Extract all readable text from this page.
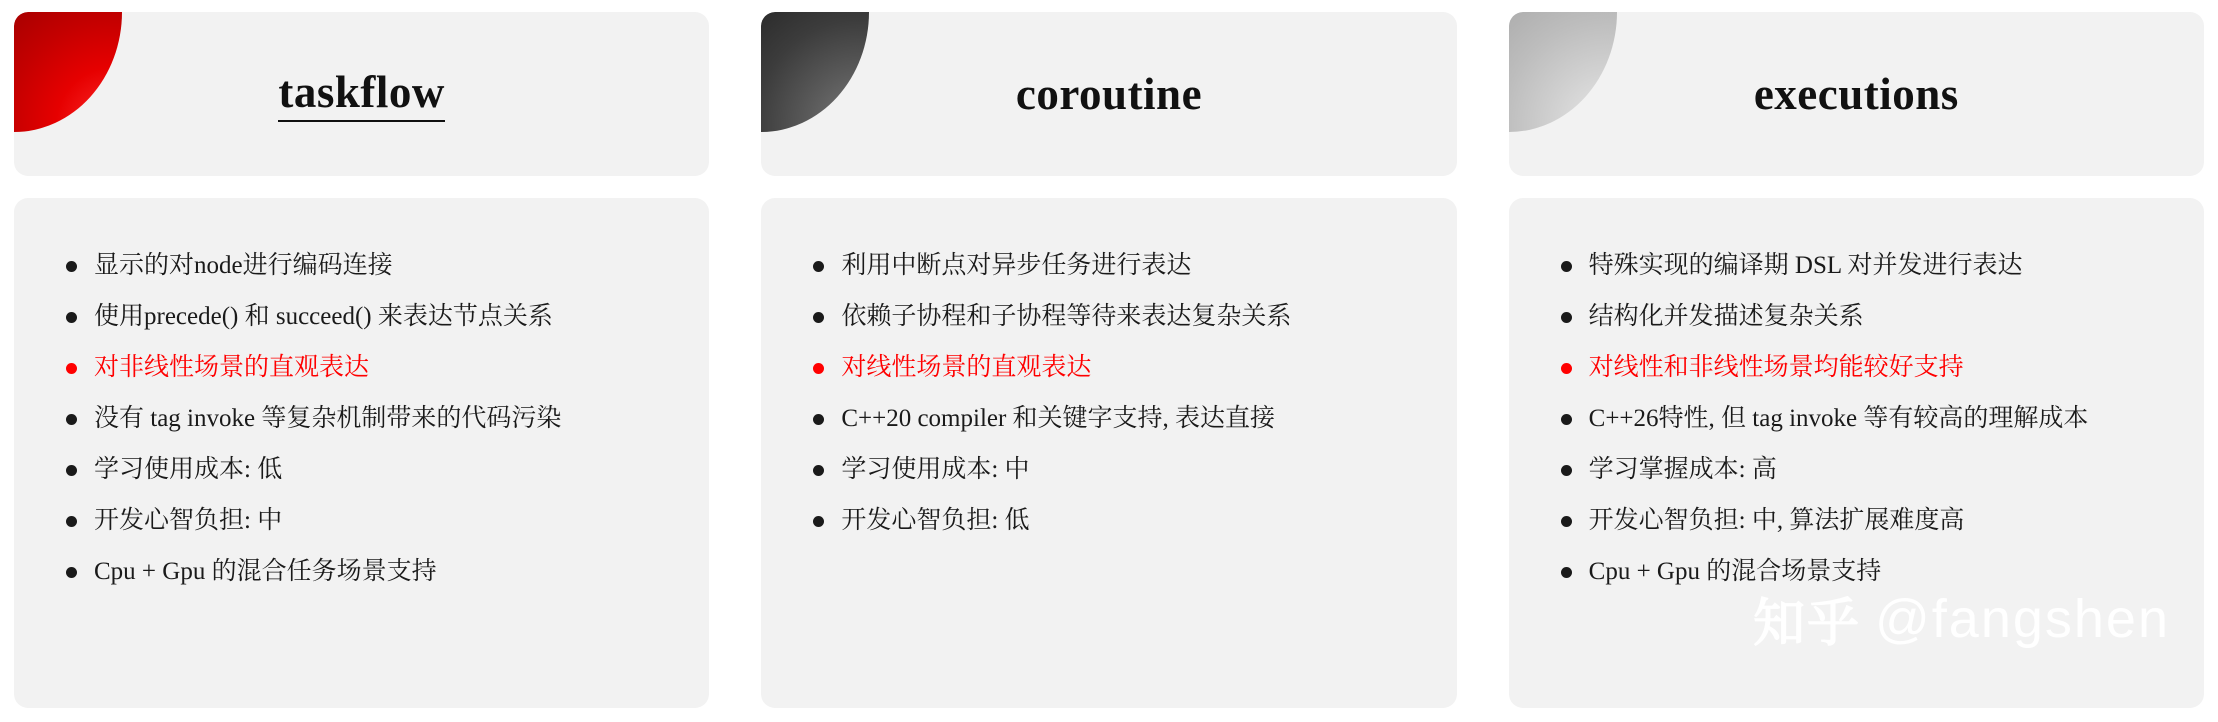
taskflow
显示的对node进行编码连接
使用precede() 和 succeed() 来表达节点关系
对非线性场景的直观表达
没有 tag invoke 等复杂机制带来的代码污染
学习使用成本: 低
开发心智负担: 中
Cpu + Gpu 的混合任务场景支持
coroutine
利用中断点对异步任务进行表达
依赖子协程和子协程等待来表达复杂关系
对线性场景的直观表达
C++20 compiler 和关键字支持, 表达直接
学习使用成本: 中
开发心智负担: 低
executions
特殊实现的编译期 DSL 对并发进行表达
结构化并发描述复杂关系
对线性和非线性场景均能较好支持
C++26特性, 但 tag invoke 等有较高的理解成本
学习掌握成本: 高
开发心智负担: 中, 算法扩展难度高
Cpu + Gpu 的混合场景支持
知乎 @fangshen
